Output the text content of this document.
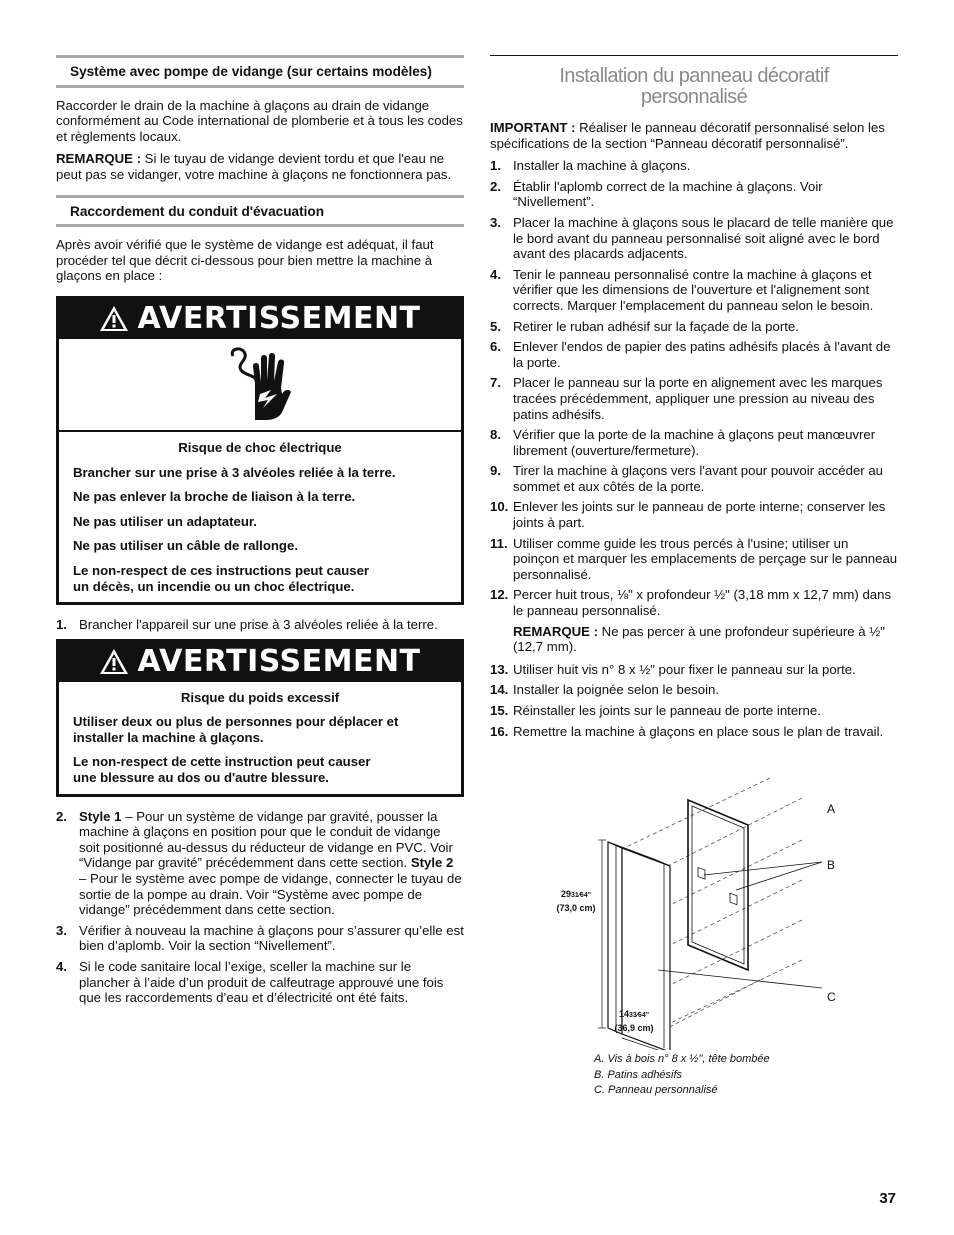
Système avec pompe de vidange (sur certains modèles)

Raccorder le drain de la machine à glaçons au drain de vidange conformément au Code international de plomberie et à tous les codes et règlements locaux.

REMARQUE : Si le tuyau de vidange devient tordu et que l'eau ne peut pas se vidanger, votre machine à glaçons ne fonctionnera pas.

Raccordement du conduit d'évacuation

Après avoir vérifié que le système de vidange est adéquat, il faut procéder tel que décrit ci-dessous pour bien mettre la machine à glaçons en place :

AVERTISSEMENT
Risque de choc électrique
Brancher sur une prise à 3 alvéoles reliée à la terre.
Ne pas enlever la broche de liaison à la terre.
Ne pas utiliser un adaptateur.
Ne pas utiliser un câble de rallonge.
Le non-respect de ces instructions peut causer un décès, un incendie ou un choc électrique.
1. Brancher l'appareil sur une prise à 3 alvéoles reliée à la terre.
AVERTISSEMENT
Risque du poids excessif
Utiliser deux ou plus de personnes pour déplacer et installer la machine à glaçons.
Le non-respect de cette instruction peut causer une blessure au dos ou d'autre blessure.
2. Style 1 – Pour un système de vidange par gravité, pousser la machine à glaçons en position pour que le conduit de vidange soit positionné au-dessus du réducteur de vidange en PVC. Voir “Vidange par gravité” précédemment dans cette section. Style 2 – Pour le système avec pompe de vidange, connecter le tuyau de sortie de la pompe au drain. Voir “Système avec pompe de vidange” précédemment dans cette section.
3. Vérifier à nouveau la machine à glaçons pour s’assurer qu’elle est bien d’aplomb. Voir la section “Nivellement”.
4. Si le code sanitaire local l’exige, sceller la machine sur le plancher à l’aide d’un produit de calfeutrage approuvé une fois que les raccordements d’eau et d’électricité ont été faits.
Installation du panneau décoratif personnalisé

IMPORTANT : Réaliser le panneau décoratif personnalisé selon les spécifications de la section “Panneau décoratif personnalisé”.

1. Installer la machine à glaçons.
2. Établir l'aplomb correct de la machine à glaçons. Voir “Nivellement”.
3. Placer la machine à glaçons sous le placard de telle manière que le bord avant du panneau personnalisé soit aligné avec le bord avant des placards adjacents.
4. Tenir le panneau personnalisé contre la machine à glaçons et vérifier que les dimensions de l'ouverture et l'alignement sont corrects. Marquer l'emplacement du panneau selon le besoin.
5. Retirer le ruban adhésif sur la façade de la porte.
6. Enlever l'endos de papier des patins adhésifs placés à l'avant de la porte.
7. Placer le panneau sur la porte en alignement avec les marques tracées précédemment, appliquer une pression au niveau des patins adhésifs.
8. Vérifier que la porte de la machine à glaçons peut manœuvrer librement (ouverture/fermeture).
9. Tirer la machine à glaçons vers l'avant pour pouvoir accéder au sommet et aux côtés de la porte.
10. Enlever les joints sur le panneau de porte interne; conserver les joints à part.
11. Utiliser comme guide les trous percés à l'usine; utiliser un poinçon et marquer les emplacements de perçage sur le panneau personnalisé.
12. Percer huit trous, ⅛" x profondeur ½" (3,18 mm x 12,7 mm) dans le panneau personnalisé.

REMARQUE : Ne pas percer à une profondeur supérieure à ½" (12,7 mm).

13. Utiliser huit vis n° 8 x ½" pour fixer le panneau sur la porte.
14. Installer la poignée selon le besoin.
15. Réinstaller les joints sur le panneau de porte interne.
16. Remettre la machine à glaçons en place sous le plan de travail.
A
B
C
2931⁄64"
(73,0 cm)
1433⁄64"
(36,9 cm)
A. Vis à bois n° 8 x ½", tête bombée
B. Patins adhésifs
C. Panneau personnalisé
37
